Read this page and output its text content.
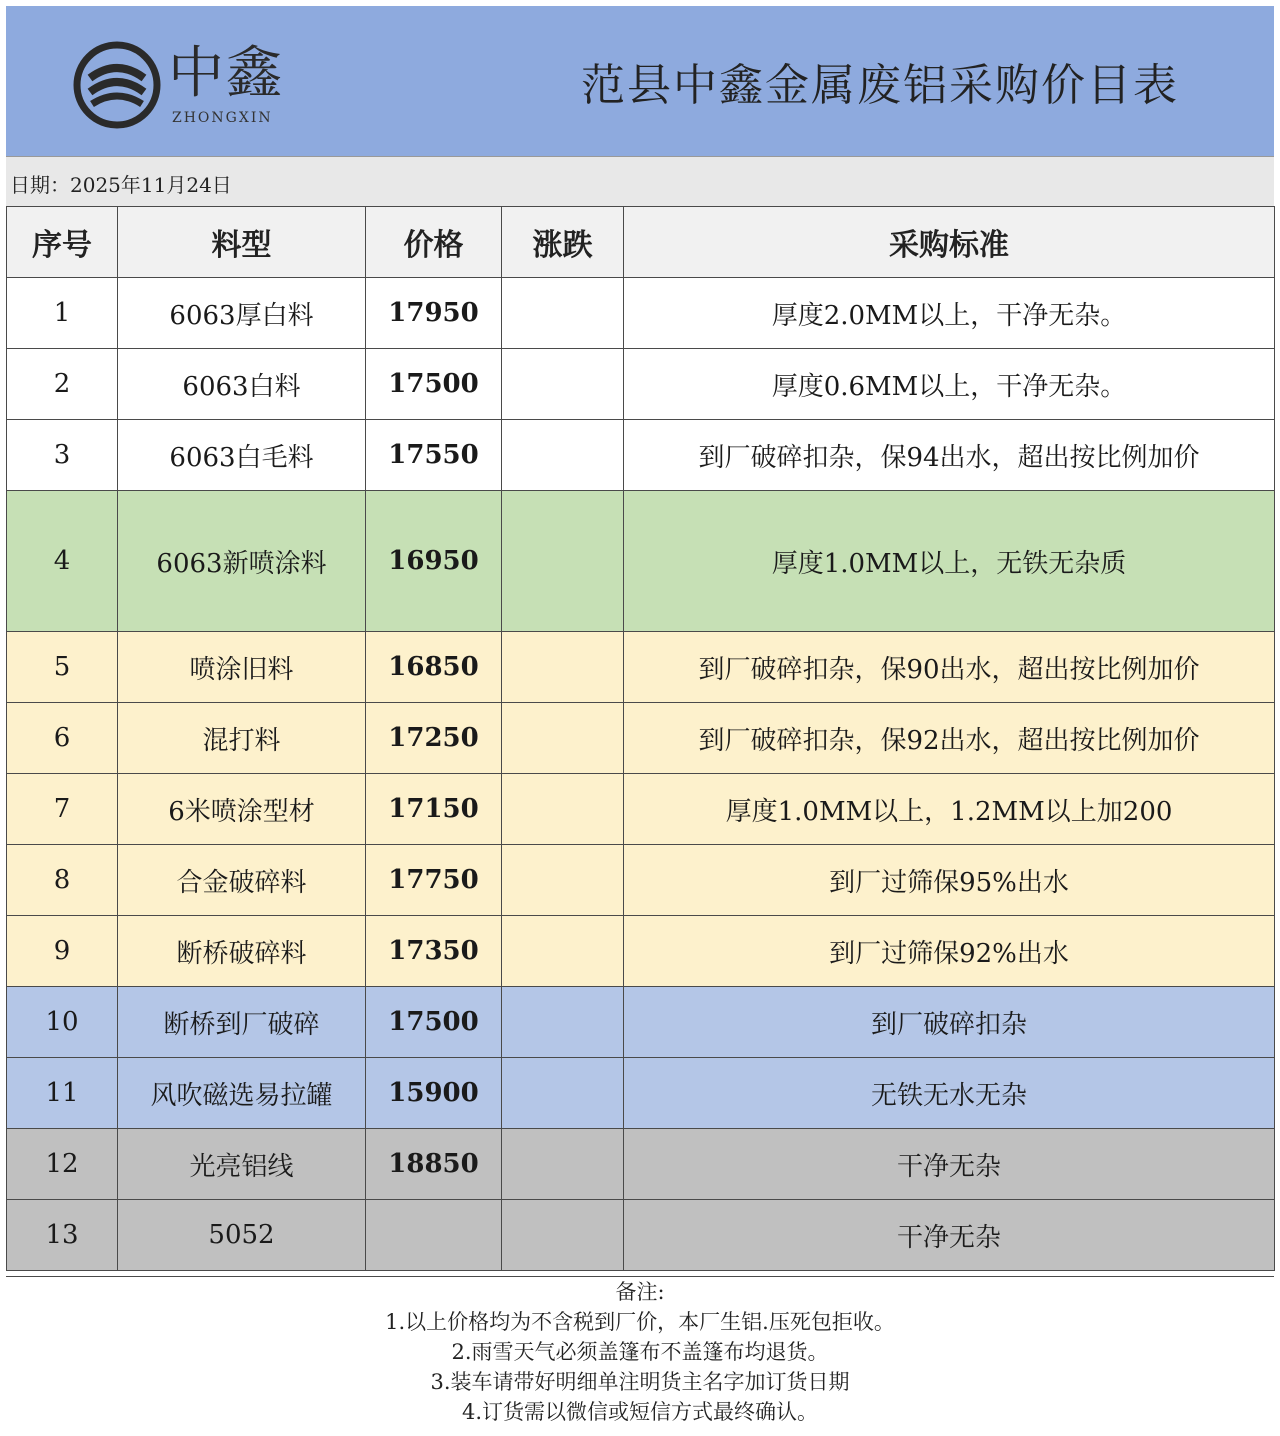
中鑫
ZHONGXIN
范县中鑫金属废铝采购价目表
日期：2025年11月24日
序号	料型	价格	涨跌	采购标准
1	6063厚白料	17950		厚度2.0MM以上，干净无杂。
2	6063白料	17500		厚度0.6MM以上，干净无杂。
3	6063白毛料	17550		到厂破碎扣杂，保94出水，超出按比例加价
4	6063新喷涂料	16950		厚度1.0MM以上，无铁无杂质
5	喷涂旧料	16850		到厂破碎扣杂，保90出水，超出按比例加价
6	混打料	17250		到厂破碎扣杂，保92出水，超出按比例加价
7	6米喷涂型材	17150		厚度1.0MM以上，1.2MM以上加200
8	合金破碎料	17750		到厂过筛保95%出水
9	断桥破碎料	17350		到厂过筛保92%出水
10	断桥到厂破碎	17500		到厂破碎扣杂
11	风吹磁选易拉罐	15900		无铁无水无杂
12	光亮铝线	18850		干净无杂
13	5052			干净无杂
备注:
1.以上价格均为不含税到厂价，本厂生铝.压死包拒收。
2.雨雪天气必须盖篷布不盖篷布均退货。
3.装车请带好明细单注明货主名字加订货日期
4.订货需以微信或短信方式最终确认。
